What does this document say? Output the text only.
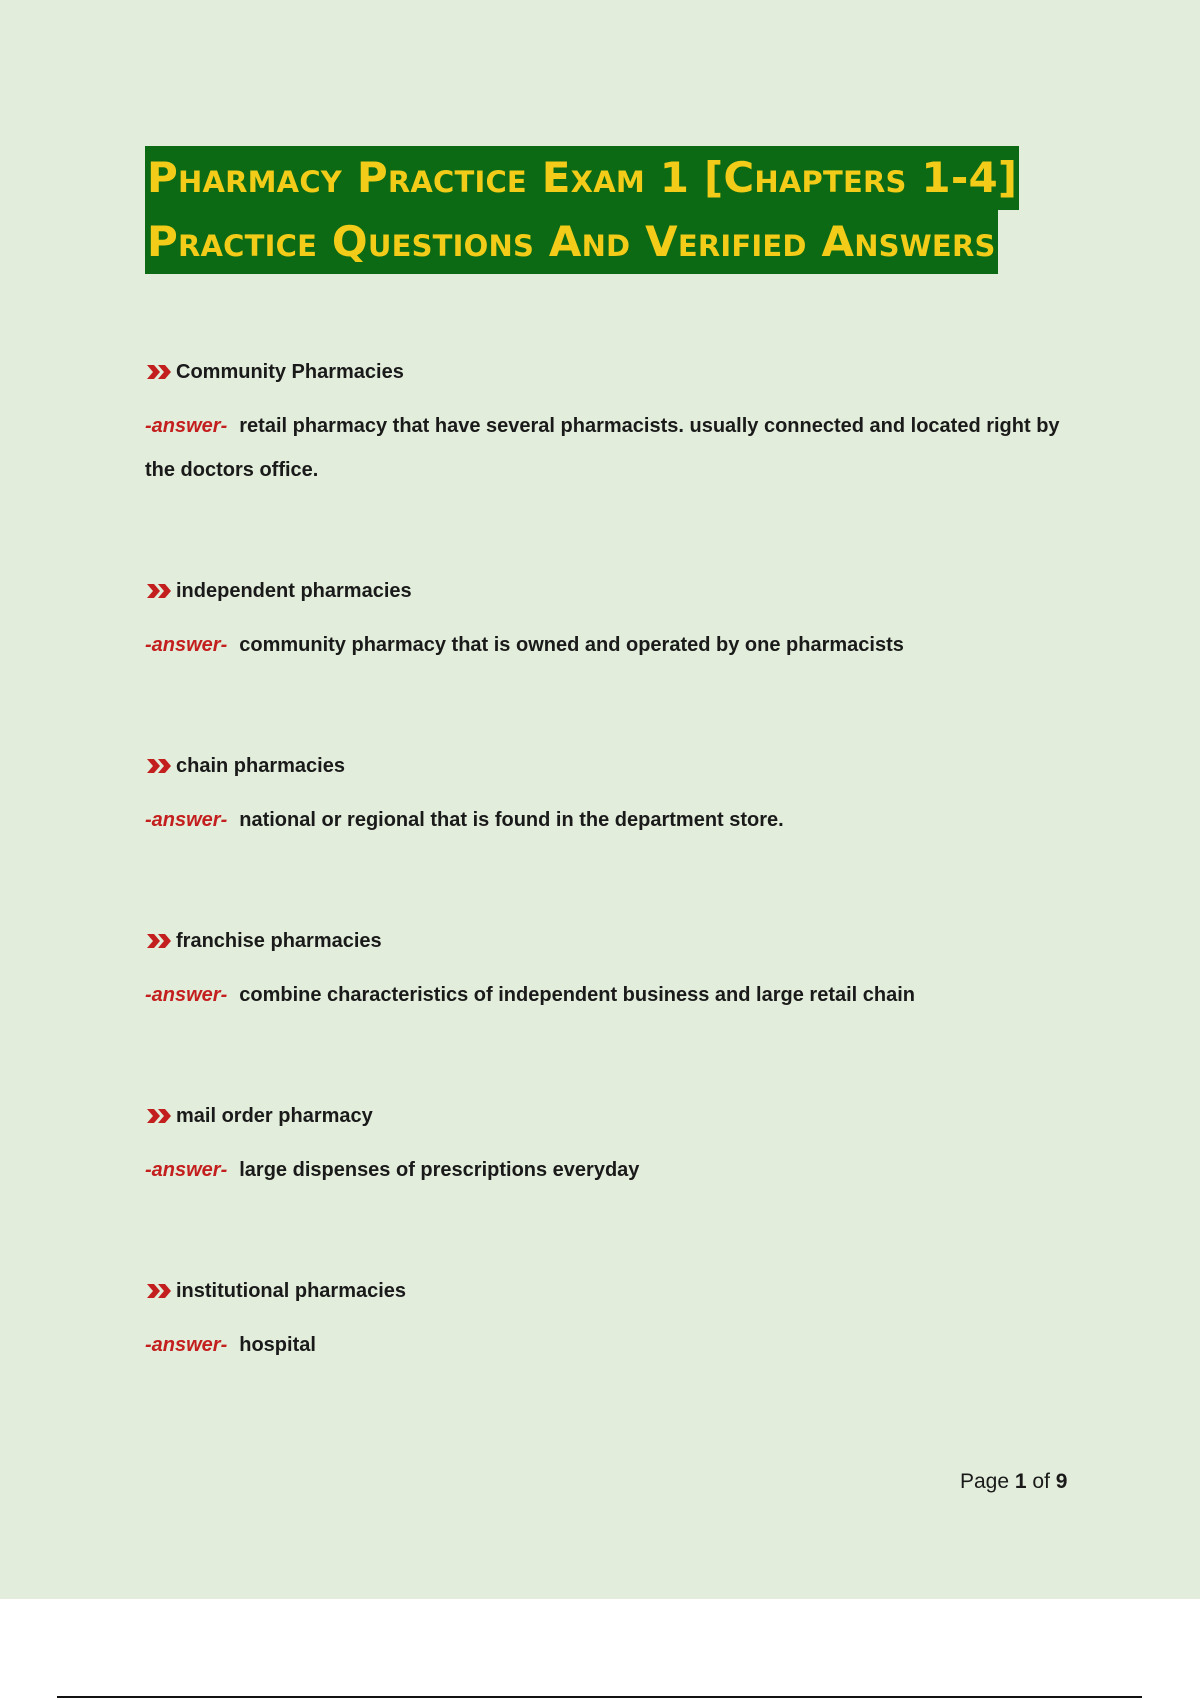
Pharmacy Practice Exam 1 [Chapters 1-4]
Practice Questions And Verified Answers
Community Pharmacies
-answer- retail pharmacy that have several pharmacists. usually connected and located right by the doctors office.
independent pharmacies
-answer- community pharmacy that is owned and operated by one pharmacists
chain pharmacies
-answer- national or regional that is found in the department store.
franchise pharmacies
-answer- combine characteristics of independent business and large retail chain
mail order pharmacy
-answer- large dispenses of prescriptions everyday
institutional pharmacies
-answer- hospital
Page 1 of 9
